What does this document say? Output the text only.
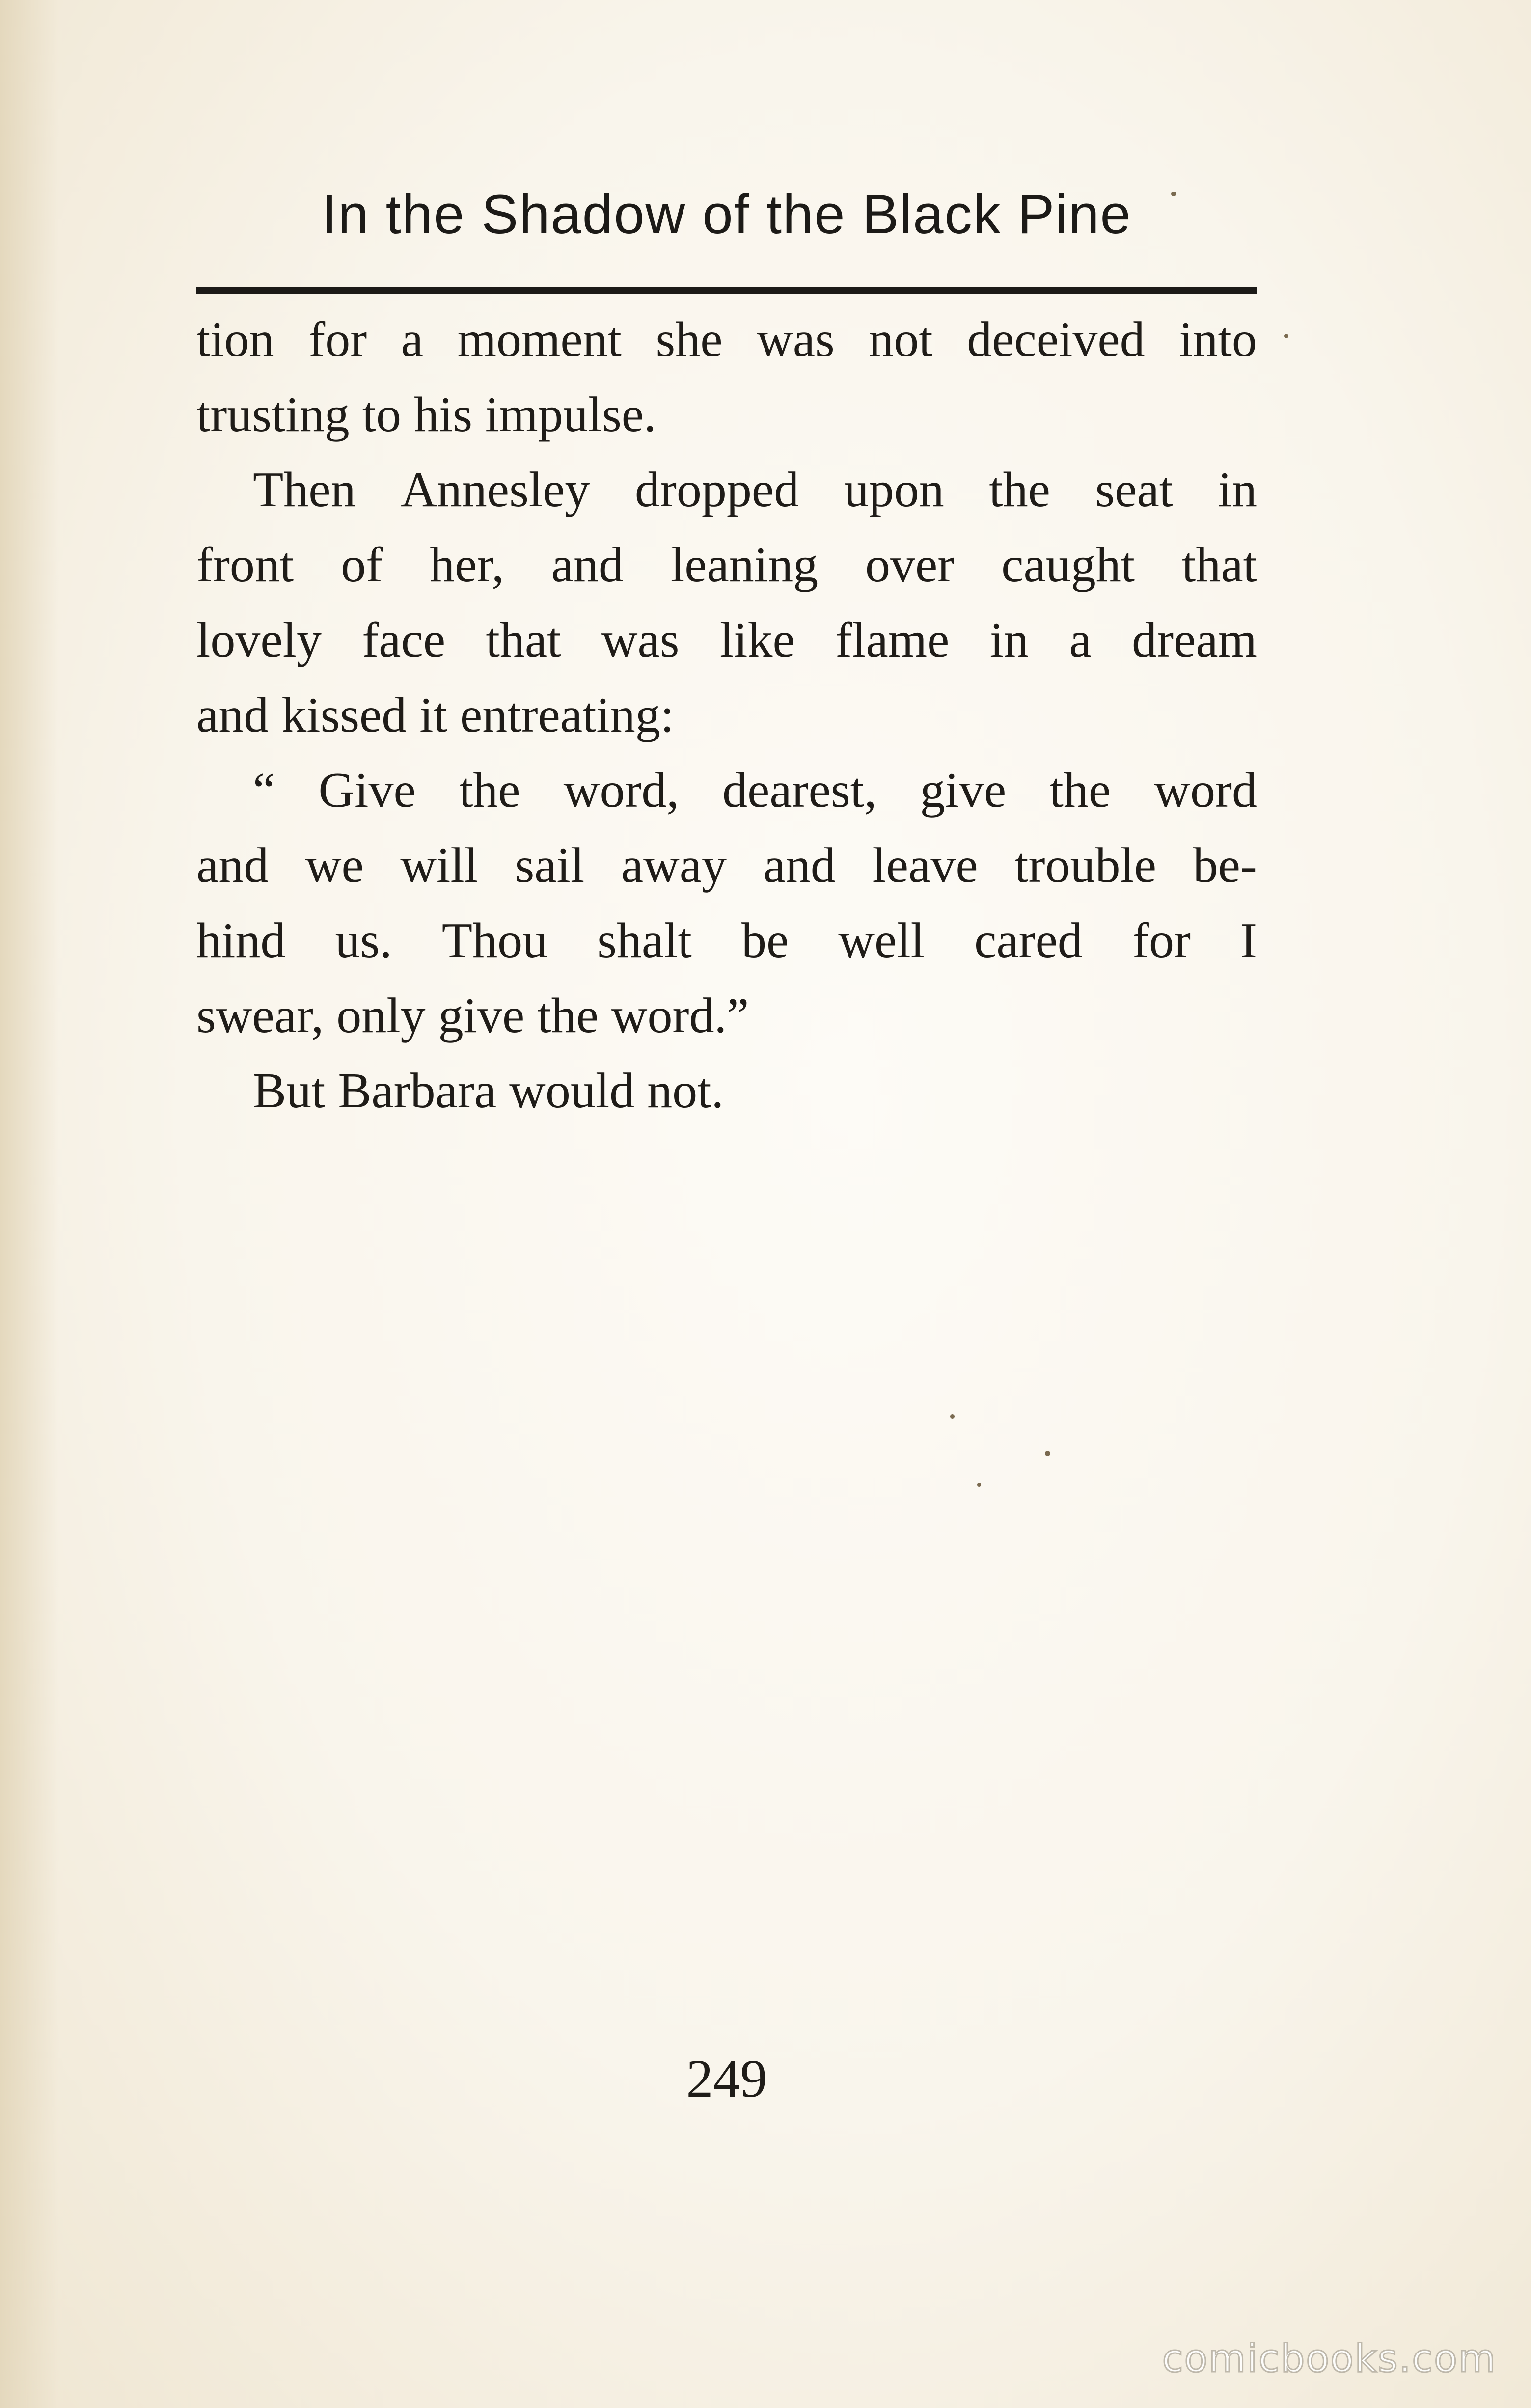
In the Shadow of the Black Pine
tion for a moment she was not deceived into
trusting to his impulse.
Then Annesley dropped upon the seat in
front of her, and leaning over caught that
lovely face that was like flame in a dream
and kissed it entreating:
“ Give the word, dearest, give the word
and we will sail away and leave trouble be-
hind us. Thou shalt be well cared for I
swear, only give the word.”
But Barbara would not.
249
comicbooks.com
